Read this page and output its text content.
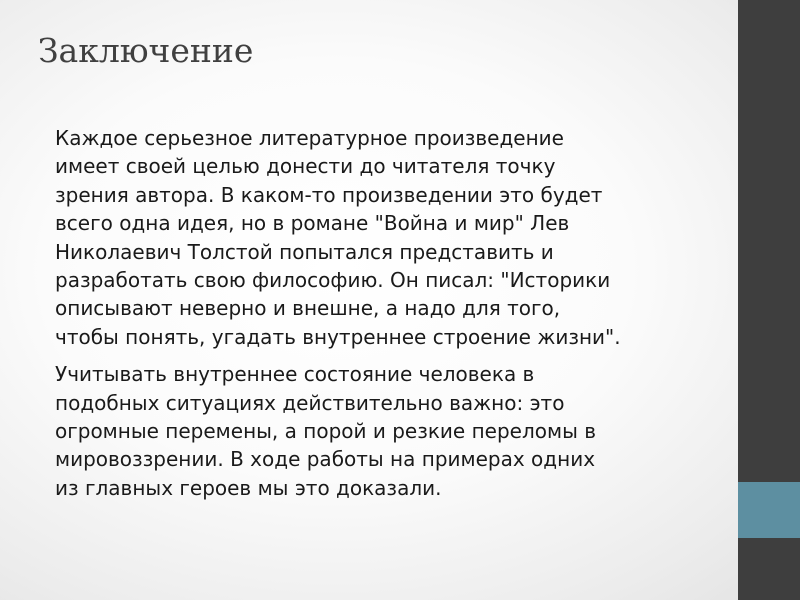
Заключение
Каждое серьезное литературное произведение
имеет своей целью донести до читателя точку
зрения автора. В каком-то произведении это будет
всего одна идея, но в романе "Война и мир" Лев
Николаевич Толстой попытался представить и
разработать свою философию. Он писал: "Историки
описывают неверно и внешне, а надо для того,
чтобы понять, угадать внутреннее строение жизни".
Учитывать внутреннее состояние человека в
подобных ситуациях действительно важно: это
огромные перемены, а порой и резкие переломы в
мировоззрении. В ходе работы на примерах одних
из главных героев мы это доказали.
